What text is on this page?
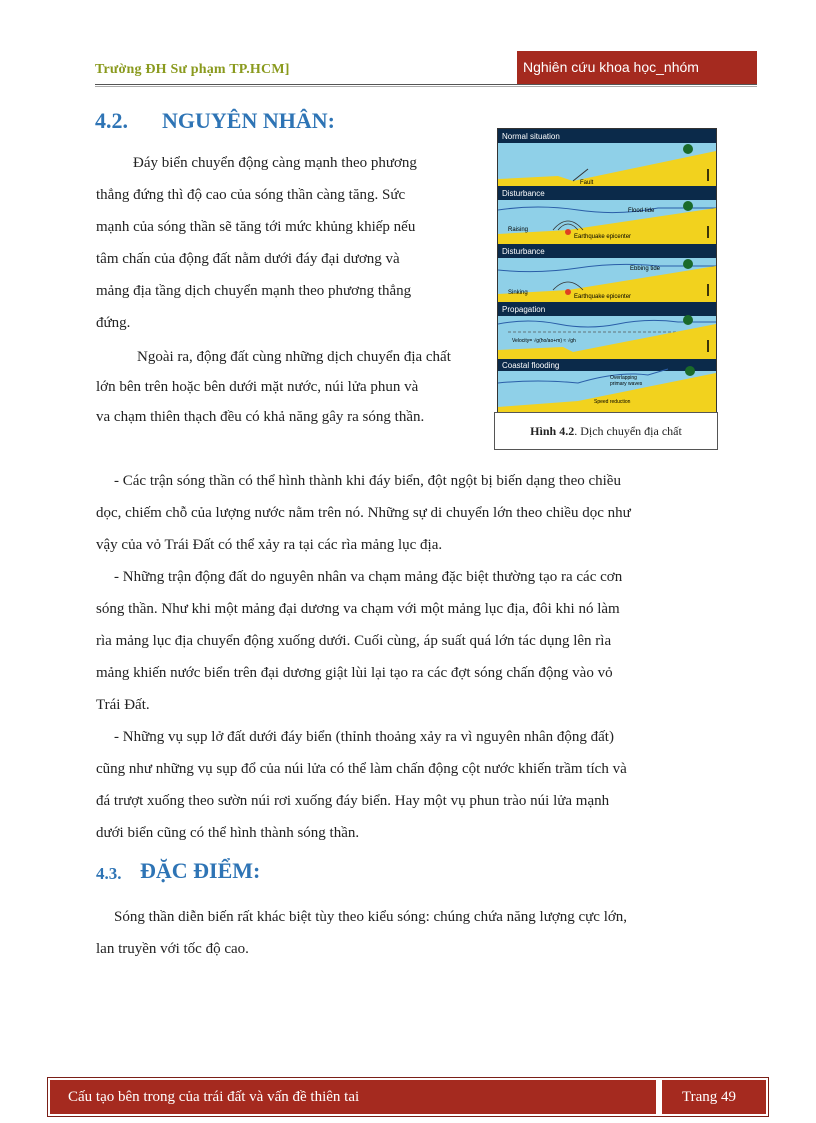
Trường ĐH Sư phạm TP.HCM]	Nghiên cứu khoa học_nhóm
4.2. NGUYÊN NHÂN:
Đáy biển chuyển động càng mạnh theo phương
thẳng đứng thì độ cao của sóng thần càng tăng. Sức
mạnh của sóng thần sẽ tăng tới mức khủng khiếp nếu
tâm chấn của động đất nằm dưới đáy đại dương và
mảng địa tầng dịch chuyển mạnh theo phương thẳng
đứng.
Ngoài ra, động đất cùng những dịch chuyển địa chất
lớn bên trên hoặc bên dưới mặt nước, núi lửa phun và
va chạm thiên thạch đều có khả năng gây ra sóng thần.
Normal situation
Fault
Disturbance
Flood tide
Raising
Earthquake epicenter
Disturbance
Ebbing tide
Sinking
Earthquake epicenter
Propagation
Velocity= √g(ho/ao+m) ≈ √gh
Coastal flooding
Overlapping
primary waves
Speed reduction
Hình 4.2. Dịch chuyển địa chất
- Các trận sóng thần có thể hình thành khi đáy biển, đột ngột bị biến dạng theo chiều
dọc, chiếm chỗ của lượng nước nằm trên nó. Những sự di chuyển lớn theo chiều dọc như
vậy của vỏ Trái Đất có thể xảy ra tại các rìa mảng lục địa.
- Những trận động đất do nguyên nhân va chạm mảng đặc biệt thường tạo ra các cơn
sóng thần. Như khi một mảng đại dương va chạm với một mảng lục địa, đôi khi nó làm
rìa mảng lục địa chuyển động xuống dưới. Cuối cùng, áp suất quá lớn tác dụng lên rìa
mảng khiến nước biển trên đại dương giật lùi lại tạo ra các đợt sóng chấn động vào vỏ
Trái Đất.
- Những vụ sụp lở đất dưới đáy biển (thỉnh thoảng xảy ra vì nguyên nhân động đất)
cũng như những vụ sụp đổ của núi lửa có thể làm chấn động cột nước khiến trầm tích và
đá trượt xuống theo sườn núi rơi xuống đáy biển. Hay một vụ phun trào núi lửa mạnh
dưới biển cũng có thể hình thành sóng thần.
4.3. ĐẶC ĐIỂM:
Sóng thần diễn biến rất khác biệt tùy theo kiểu sóng: chúng chứa năng lượng cực lớn,
lan truyền với tốc độ cao.
Cấu tạo bên trong của trái đất và vấn đề thiên tai	Trang 49
